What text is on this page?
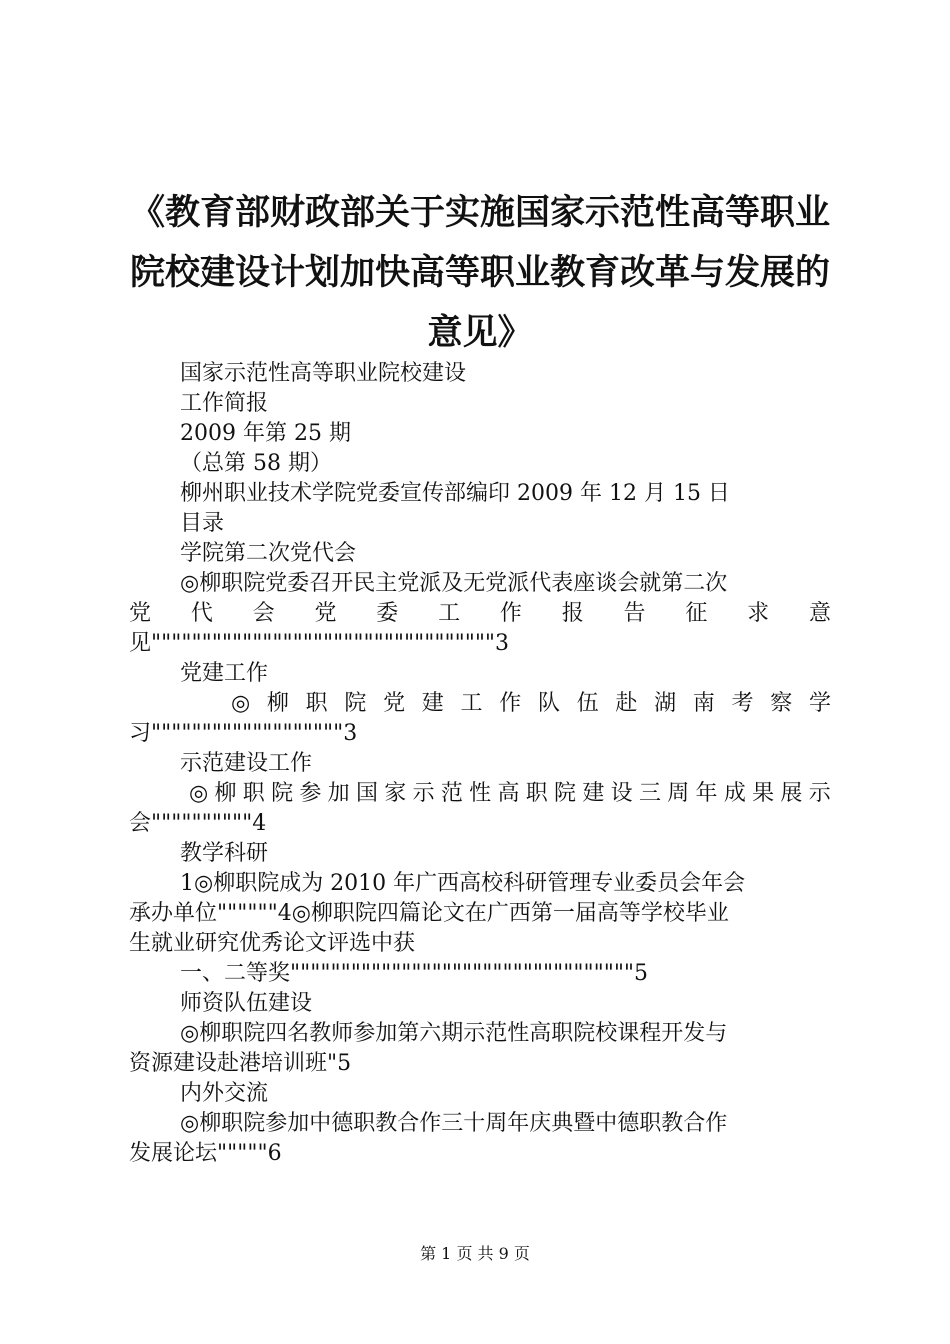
《教育部财政部关于实施国家示范性高等职业
院校建设计划加快高等职业教育改革与发展的
意见》
国家示范性高等职业院校建设
工作简报
2009 年第 25 期
（总第 58 期）
柳州职业技术学院党委宣传部编印 2009 年 12 月 15 日
目录
学院第二次党代会
◎柳职院党委召开民主党派及无党派代表座谈会就第二次
党 代 会 党 委 工 作 报 告 征 求 意
见""""""""""""""""""""""""""""""""""3
党建工作
◎ 柳 职 院 党 建 工 作 队 伍 赴 湖 南 考 察 学
习"""""""""""""""""""3
示范建设工作
◎ 柳 职 院 参 加 国 家 示 范 性 高 职 院 建 设 三 周 年 成 果 展 示
会""""""""""4
教学科研
1◎柳职院成为 2010 年广西高校科研管理专业委员会年会
承办单位""""""4◎柳职院四篇论文在广西第一届高等学校毕业
生就业研究优秀论文评选中获
一、二等奖""""""""""""""""""""""""""""""""""5
师资队伍建设
◎柳职院四名教师参加第六期示范性高职院校课程开发与
资源建设赴港培训班"5
内外交流
◎柳职院参加中德职教合作三十周年庆典暨中德职教合作
发展论坛"""""6
第 1 页 共 9 页
